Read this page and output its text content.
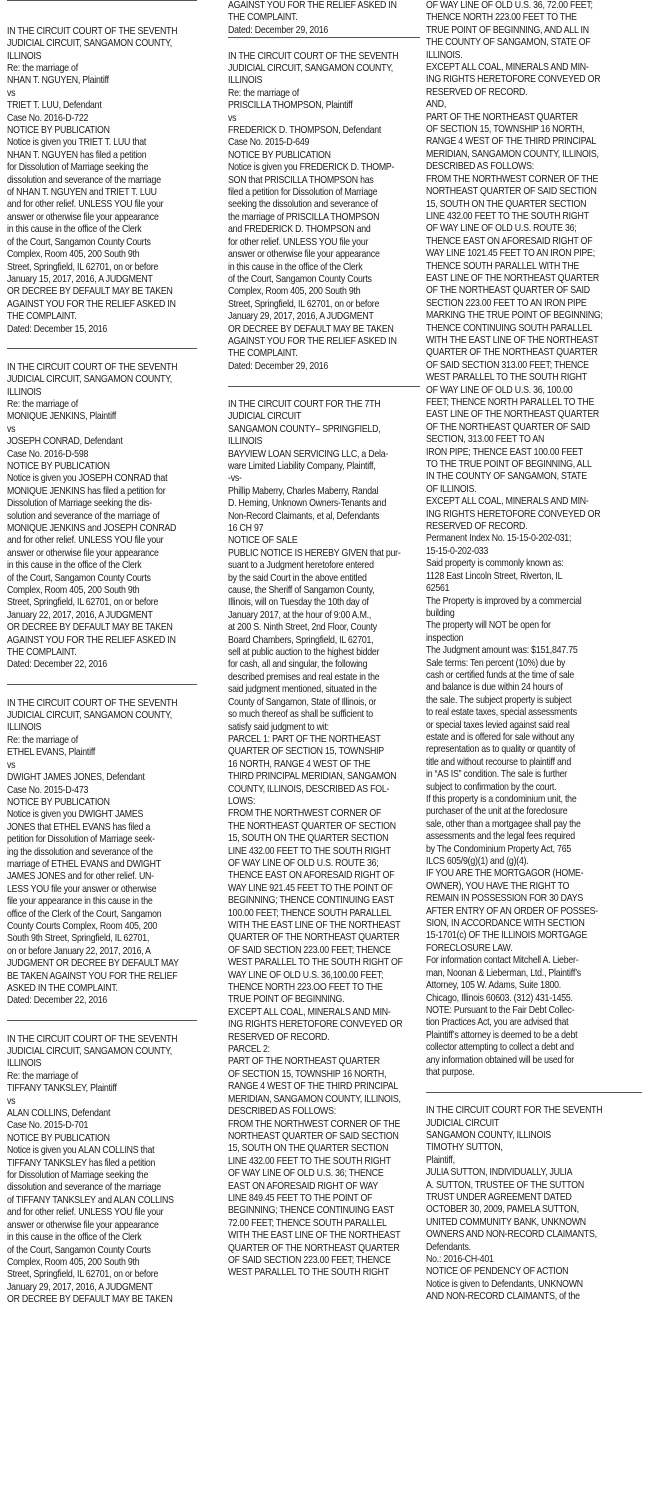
IN THE CIRCUIT COURT OF THE SEVENTH
JUDICIAL CIRCUIT, SANGAMON COUNTY,
ILLINOIS
Re: the marriage of
NHAN T. NGUYEN, Plaintiff
vs
TRIET T. LUU, Defendant
Case No. 2016-D-722
NOTICE BY PUBLICATION
Notice is given you TRIET T. LUU that
NHAN T. NGUYEN has filed a petition
for Dissolution of Marriage seeking the
dissolution and severance of the marriage
of NHAN T. NGUYEN and TRIET T. LUU
and for other relief. UNLESS YOU file your
answer or otherwise file your appearance
in this cause in the office of the Clerk
of the Court, Sangamon County Courts
Complex, Room 405, 200 South 9th
Street, Springfield, IL 62701, on or before
January 15, 2017, 2016, A JUDGMENT
OR DECREE BY DEFAULT MAY BE TAKEN
AGAINST YOU FOR THE RELIEF ASKED IN
THE COMPLAINT.
Dated: December 15, 2016
IN THE CIRCUIT COURT OF THE SEVENTH
JUDICIAL CIRCUIT, SANGAMON COUNTY,
ILLINOIS
Re: the marriage of
MONIQUE JENKINS, Plaintiff
vs
JOSEPH CONRAD, Defendant
Case No. 2016-D-598
NOTICE BY PUBLICATION
Notice is given you JOSEPH CONRAD that
MONIQUE JENKINS has filed a petition for
Dissolution of Marriage seeking the dis-
solution and severance of the marriage of
MONIQUE JENKINS and JOSEPH CONRAD
and for other relief. UNLESS YOU file your
answer or otherwise file your appearance
in this cause in the office of the Clerk
of the Court, Sangamon County Courts
Complex, Room 405, 200 South 9th
Street, Springfield, IL 62701, on or before
January 22, 2017, 2016, A JUDGMENT
OR DECREE BY DEFAULT MAY BE TAKEN
AGAINST YOU FOR THE RELIEF ASKED IN
THE COMPLAINT.
Dated: December 22, 2016
IN THE CIRCUIT COURT OF THE SEVENTH
JUDICIAL CIRCUIT, SANGAMON COUNTY,
ILLINOIS
Re: the marriage of
ETHEL EVANS, Plaintiff
vs
DWIGHT JAMES JONES, Defendant
Case No. 2015-D-473
NOTICE BY PUBLICATION
Notice is given you DWIGHT JAMES
JONES that ETHEL EVANS has filed a
petition for Dissolution of Marriage seek-
ing the dissolution and severance of the
marriage of ETHEL EVANS and DWIGHT
JAMES JONES and for other relief. UN-
LESS YOU file your answer or otherwise
file your appearance in this cause in the
office of the Clerk of the Court, Sangamon
County Courts Complex, Room 405, 200
South 9th Street, Springfield, IL 62701,
on or before January 22, 2017, 2016, A
JUDGMENT OR DECREE BY DEFAULT MAY
BE TAKEN AGAINST YOU FOR THE RELIEF
ASKED IN THE COMPLAINT.
Dated: December 22, 2016
IN THE CIRCUIT COURT OF THE SEVENTH
JUDICIAL CIRCUIT, SANGAMON COUNTY,
ILLINOIS
Re: the marriage of
TIFFANY TANKSLEY, Plaintiff
vs
ALAN COLLINS, Defendant
Case No. 2015-D-701
NOTICE BY PUBLICATION
Notice is given you ALAN COLLINS that
TIFFANY TANKSLEY has filed a petition
for Dissolution of Marriage seeking the
dissolution and severance of the marriage
of TIFFANY TANKSLEY and ALAN COLLINS
and for other relief. UNLESS YOU file your
answer or otherwise file your appearance
in this cause in the office of the Clerk
of the Court, Sangamon County Courts
Complex, Room 405, 200 South 9th
Street, Springfield, IL 62701, on or before
January 29, 2017, 2016, A JUDGMENT
OR DECREE BY DEFAULT MAY BE TAKEN
AGAINST YOU FOR THE RELIEF ASKED IN
THE COMPLAINT.
Dated: December 29, 2016
IN THE CIRCUIT COURT OF THE SEVENTH
JUDICIAL CIRCUIT, SANGAMON COUNTY,
ILLINOIS
Re: the marriage of
PRISCILLA THOMPSON, Plaintiff
vs
FREDERICK D. THOMPSON, Defendant
Case No. 2015-D-649
NOTICE BY PUBLICATION
Notice is given you FREDERICK D. THOMP-
SON that PRISCILLA THOMPSON has
filed a petition for Dissolution of Marriage
seeking the dissolution and severance of
the marriage of PRISCILLA THOMPSON
and FREDERICK D. THOMPSON and
for other relief. UNLESS YOU file your
answer or otherwise file your appearance
in this cause in the office of the Clerk
of the Court, Sangamon County Courts
Complex, Room 405, 200 South 9th
Street, Springfield, IL 62701, on or before
January 29, 2017, 2016, A JUDGMENT
OR DECREE BY DEFAULT MAY BE TAKEN
AGAINST YOU FOR THE RELIEF ASKED IN
THE COMPLAINT.
Dated: December 29, 2016
IN THE CIRCUIT COURT FOR THE 7TH
JUDICIAL CIRCUIT
SANGAMON COUNTY– SPRINGFIELD,
ILLINOIS
BAYVIEW LOAN SERVICING LLC, a Dela-
ware Limited Liability Company, Plaintiff,
-vs-
Phillip Maberry, Charles Maberry, Randal
D. Heming, Unknown Owners-Tenants and
Non-Record Claimants, et al, Defendants
16 CH 97
NOTICE OF SALE
PUBLIC NOTICE IS HEREBY GIVEN that pur-
suant to a Judgment heretofore entered
by the said Court in the above entitled
cause, the Sheriff of Sangamon County,
Illinois, will on Tuesday the 10th day of
January 2017, at the hour of 9:00 A.M.,
at 200 S. Ninth Street, 2nd Floor, County
Board Chambers, Springfield, IL 62701,
sell at public auction to the highest bidder
for cash, all and singular, the following
described premises and real estate in the
said judgment mentioned, situated in the
County of Sangamon, State of Illinois, or
so much thereof as shall be sufficient to
satisfy said judgment to wit:
PARCEL 1: PART OF THE NORTHEAST
QUARTER OF SECTION 15, TOWNSHIP
16 NORTH, RANGE 4 WEST OF THE
THIRD PRINCIPAL MERIDIAN, SANGAMON
COUNTY, ILLINOIS, DESCRIBED AS FOL-
LOWS:
FROM THE NORTHWEST CORNER OF
THE NORTHEAST QUARTER OF SECTION
15, SOUTH ON THE QUARTER SECTION
LINE 432.00 FEET TO THE SOUTH RIGHT
OF WAY LINE OF OLD U.S. ROUTE 36;
THENCE EAST ON AFORESAID RIGHT OF
WAY LINE 921.45 FEET TO THE POINT OF
BEGINNING; THENCE CONTINUING EAST
100.00 FEET; THENCE SOUTH PARALLEL
WITH THE EAST LINE OF THE NORTHEAST
QUARTER OF THE NORTHEAST QUARTER
OF SAID SECTION 223.00 FEET; THENCE
WEST PARALLEL TO THE SOUTH RIGHT OF
WAY LINE OF OLD U.S. 36,100.00 FEET;
THENCE NORTH 223.OO FEET TO THE
TRUE POINT OF BEGINNING.
EXCEPT ALL COAL, MINERALS AND MIN-
ING RIGHTS HERETOFORE CONVEYED OR
RESERVED OF RECORD.
PARCEL 2:
PART OF THE NORTHEAST QUARTER
OF SECTION 15, TOWNSHIP 16 NORTH,
RANGE 4 WEST OF THE THIRD PRINCIPAL
MERIDIAN, SANGAMON COUNTY, ILLINOIS,
DESCRIBED AS FOLLOWS:
FROM THE NORTHWEST CORNER OF THE
NORTHEAST QUARTER OF SAID SECTION
15, SOUTH ON THE QUARTER SECTION
LINE 432.00 FEET TO THE SOUTH RIGHT
OF WAY LINE OF OLD U.S. 36; THENCE
EAST ON AFORESAID RIGHT OF WAY
LINE 849.45 FEET TO THE POINT OF
BEGINNING; THENCE CONTINUING EAST
72.00 FEET; THENCE SOUTH PARALLEL
WITH THE EAST LINE OF THE NORTHEAST
QUARTER OF THE NORTHEAST QUARTER
OF SAID SECTION 223.00 FEET; THENCE
WEST PARALLEL TO THE SOUTH RIGHT
OF WAY LINE OF OLD U.S. 36, 72.00 FEET;
THENCE NORTH 223.00 FEET TO THE
TRUE POINT OF BEGINNING, AND ALL IN
THE COUNTY OF SANGAMON, STATE OF
ILLINOIS.
EXCEPT ALL COAL, MINERALS AND MIN-
ING RIGHTS HERETOFORE CONVEYED OR
RESERVED OF RECORD.
AND,
PART OF THE NORTHEAST QUARTER
OF SECTION 15, TOWNSHIP 16 NORTH,
RANGE 4 WEST OF THE THIRD PRINCIPAL
MERIDIAN, SANGAMON COUNTY, ILLINOIS,
DESCRIBED AS FOLLOWS:
FROM THE NORTHWEST CORNER OF THE
NORTHEAST QUARTER OF SAID SECTION
15, SOUTH ON THE QUARTER SECTION
LINE 432.00 FEET TO THE SOUTH RIGHT
OF WAY LINE OF OLD U.S. ROUTE 36;
THENCE EAST ON AFORESAID RIGHT OF
WAY LINE 1021.45 FEET TO AN IRON PIPE;
THENCE SOUTH PARALLEL WITH THE
EAST LINE OF THE NORTHEAST QUARTER
OF THE NORTHEAST QUARTER OF SAID
SECTION 223.00 FEET TO AN IRON PIPE
MARKING THE TRUE POINT OF BEGINNING;
THENCE CONTINUING SOUTH PARALLEL
WITH THE EAST LINE OF THE NORTHEAST
QUARTER OF THE NORTHEAST QUARTER
OF SAID SECTION 313.00 FEET; THENCE
WEST PARALLEL TO THE SOUTH RIGHT
OF WAY LINE OF OLD U.S. 36, 100.00
FEET; THENCE NORTH PARALLEL TO THE
EAST LINE OF THE NORTHEAST QUARTER
OF THE NORTHEAST QUARTER OF SAID
SECTION, 313.00 FEET TO AN
IRON PIPE; THENCE EAST 100.00 FEET
TO THE TRUE POINT OF BEGINNING, ALL
IN THE COUNTY OF SANGAMON, STATE
OF ILLINOIS.
EXCEPT ALL COAL, MINERALS AND MIN-
ING RIGHTS HERETOFORE CONVEYED OR
RESERVED OF RECORD.
Permanent Index No. 15-15-0-202-031;
15-15-0-202-033
Said property is commonly known as:
1128 East Lincoln Street, Riverton, IL
62561
The Property is improved by a commercial
building
The property will NOT be open for
inspection
The Judgment amount was: $151,847.75
Sale terms: Ten percent (10%) due by
cash or certified funds at the time of sale
and balance is due within 24 hours of
the sale. The subject property is subject
to real estate taxes, special assessments
or special taxes levied against said real
estate and is offered for sale without any
representation as to quality or quantity of
title and without recourse to plaintiff and
in “AS IS” condition. The sale is further
subject to confirmation by the court.
If this property is a condominium unit, the
purchaser of the unit at the foreclosure
sale, other than a mortgagee shall pay the
assessments and the legal fees required
by The Condominium Property Act, 765
ILCS 605/9(g)(1) and (g)(4).
IF YOU ARE THE MORTGAGOR (HOME-
OWNER), YOU HAVE THE RIGHT TO
REMAIN IN POSSESSION FOR 30 DAYS
AFTER ENTRY OF AN ORDER OF POSSES-
SION, IN ACCORDANCE WITH SECTION
15-1701(c) OF THE ILLINOIS MORTGAGE
FORECLOSURE LAW.
For information contact Mitchell A. Lieber-
man, Noonan & Lieberman, Ltd., Plaintiff’s
Attorney, 105 W. Adams, Suite 1800.
Chicago, Illinois 60603. (312) 431-1455.
NOTE: Pursuant to the Fair Debt Collec-
tion Practices Act, you are advised that
Plaintiff’s attorney is deemed to be a debt
collector attempting to collect a debt and
any information obtained will be used for
that purpose.
IN THE CIRCUIT COURT FOR THE SEVENTH
JUDICIAL CIRCUIT
SANGAMON COUNTY, ILLINOIS
TIMOTHY SUTTON,
Plaintiff,
JULIA SUTTON, INDIVIDUALLY, JULIA
A. SUTTON, TRUSTEE OF THE SUTTON
TRUST UNDER AGREEMENT DATED
OCTOBER 30, 2009, PAMELA SUTTON,
UNITED COMMUNITY BANK, UNKNOWN
OWNERS AND NON-RECORD CLAIMANTS,
Defendants.
No.: 2016-CH-401
NOTICE OF PENDENCY OF ACTION
Notice is given to Defendants, UNKNOWN
AND NON-RECORD CLAIMANTS, of the
